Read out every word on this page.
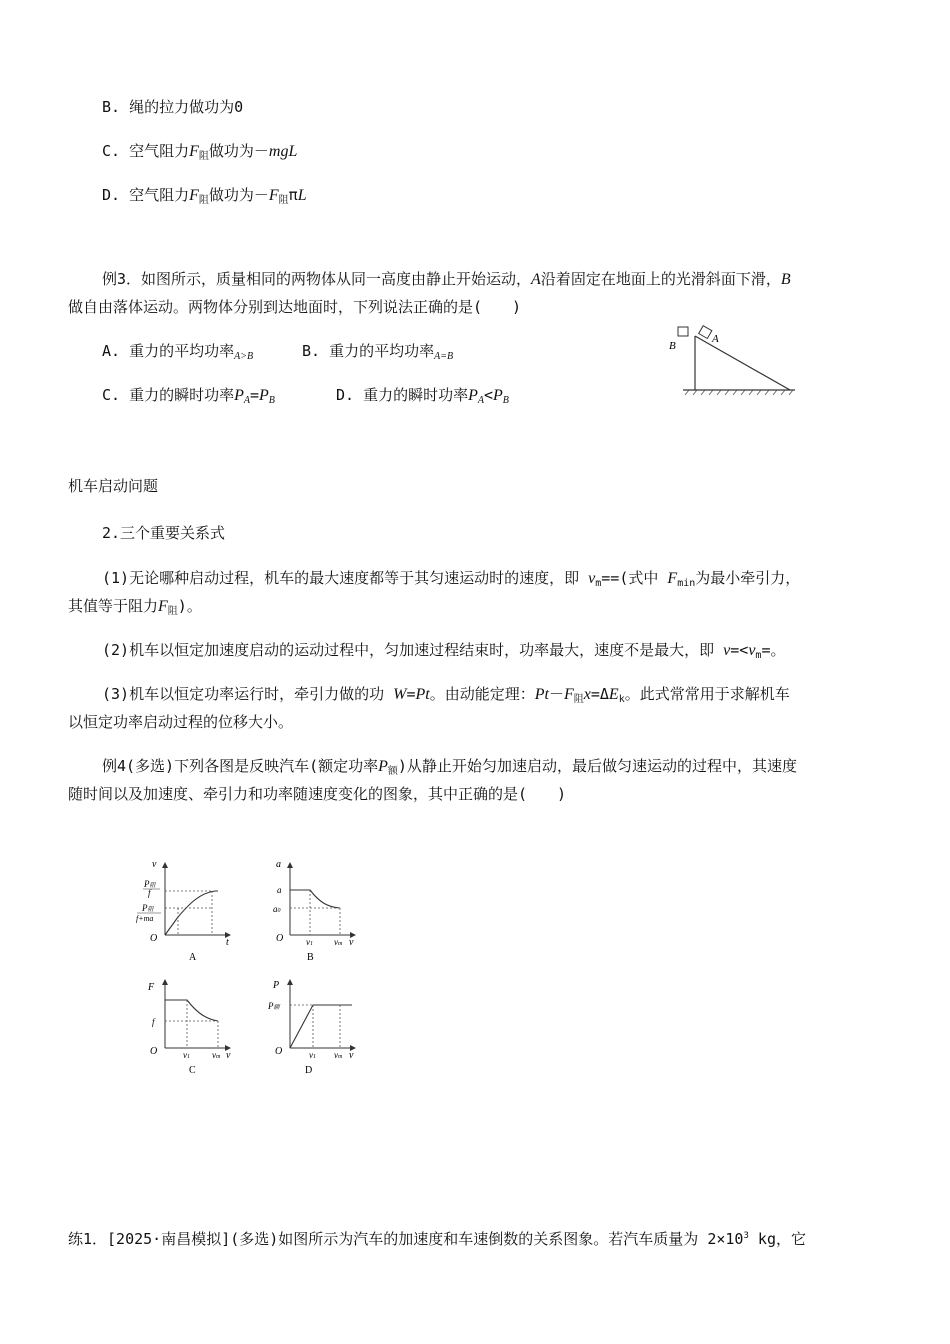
B. 绳的拉力做功为0
C. 空气阻力$F_阻$做功为－mgL
D. 空气阻力$F_阻$做功为$-F_阻\pi L$
例3．如图所示，质量相同的两物体从同一高度由静止开始运动，A沿着固定在地面上的光滑斜面下滑，B
做自由落体运动。两物体分别到达地面时，下列说法正确的是(　　)
A. 重力的平均功率$_{A>B}$	B. 重力的平均功率$_{A=B}$
C. 重力的瞬时功率$P_A=P_B$	D. 重力的瞬时功率$P_A<P_B$
B
A
机车启动问题
2.三个重要关系式
(1)无论哪种启动过程，机车的最大速度都等于其匀速运动时的速度，即 $v_m==$(式中 $F_{min}$为最小牵引力，
其值等于阻力$F_阻$)。
(2)机车以恒定加速度启动的运动过程中，匀加速过程结束时，功率最大，速度不是最大，即 $v=<v_m=$。
(3)机车以恒定功率运行时，牵引力做的功 W=Pt。由动能定理：$Pt-F_阻x=\Delta E_k$。此式常常用于求解机车
以恒定功率启动过程的位移大小。
例4(多选)下列各图是反映汽车(额定功率$P_额$)从静止开始匀加速启动，最后做匀速运动的过程中，其速度
随时间以及加速度、牵引力和功率随速度变化的图象，其中正确的是(　　)
v
t
O
P阻
f
P阻
f+ma
A
a
a
a0
O	v1 vm v
B
F
f
O	v1 vm v
C
P
P额
O	v1 vm v
D
练1．[2025·南昌模拟](多选)如图所示为汽车的加速度和车速倒数的关系图象。若汽车质量为 $2\times 10^3$ kg，它
